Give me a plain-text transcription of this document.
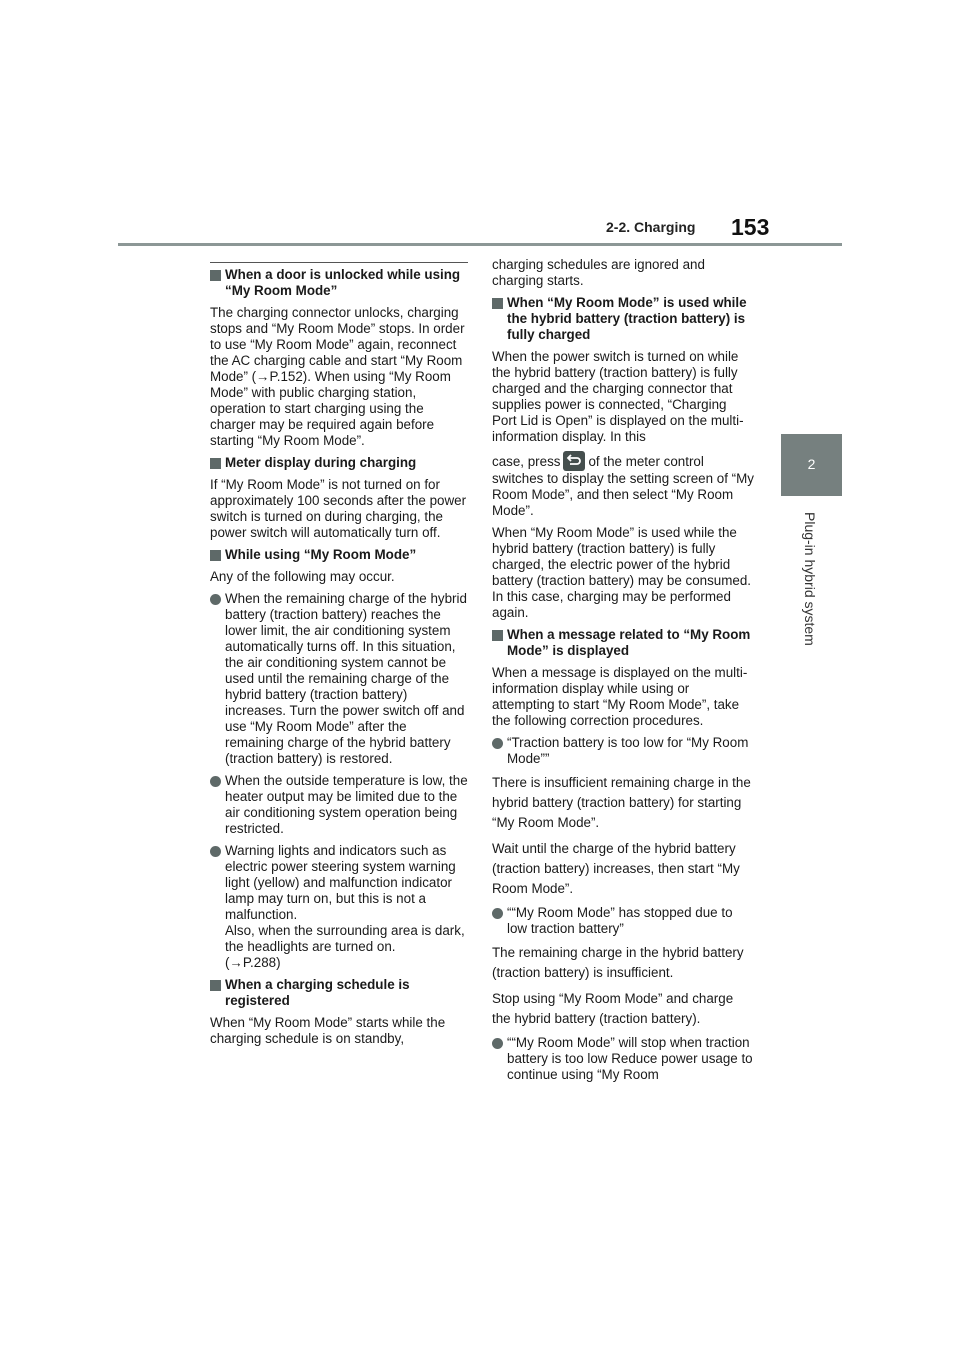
2-2. Charging 153
2
Plug-in hybrid system
When a door is unlocked while using “My Room Mode”

The charging connector unlocks, charging stops and “My Room Mode” stops. In order to use “My Room Mode” again, reconnect the AC charging cable and start “My Room Mode” (→P.152). When using “My Room Mode” with public charging station, operation to start charging using the charger may be required again before starting “My Room Mode”.

Meter display during charging

If “My Room Mode” is not turned on for approximately 100 seconds after the power switch is turned on during charging, the power switch will automatically turn off.

While using “My Room Mode”

Any of the following may occur.

When the remaining charge of the hybrid battery (traction battery) reaches the lower limit, the air conditioning system automatically turns off. In this situation, the air conditioning system cannot be used until the remaining charge of the hybrid battery (traction battery) increases. Turn the power switch off and use “My Room Mode” after the remaining charge of the hybrid battery (traction battery) is restored.
When the outside temperature is low, the heater output may be limited due to the air conditioning system operation being restricted.
Warning lights and indicators such as electric power steering system warning light (yellow) and malfunction indicator lamp may turn on, but this is not a malfunction.
Also, when the surrounding area is dark, the headlights are turned on.
(→P.288)
When a charging schedule is registered

When “My Room Mode” starts while the charging schedule is on standby,

charging schedules are ignored and charging starts.

When “My Room Mode” is used while the hybrid battery (traction battery) is fully charged

When the power switch is turned on while the hybrid battery (traction battery) is fully charged and the charging connector that supplies power is connected, “Charging Port Lid is Open” is displayed on the multi-information display. In this

case, press of the meter control switches to display the setting screen of “My Room Mode”, and then select “My Room Mode”.

When “My Room Mode” is used while the hybrid battery (traction battery) is fully charged, the electric power of the hybrid battery (traction battery) may be consumed. In this case, charging may be performed again.

When a message related to “My Room Mode” is displayed

When a message is displayed on the multi-information display while using or attempting to start “My Room Mode”, take the following correction procedures.

“Traction battery is too low for “My Room Mode””

There is insufficient remaining charge in the hybrid battery (traction battery) for starting “My Room Mode”.

Wait until the charge of the hybrid battery (traction battery) increases, then start “My Room Mode”.

““My Room Mode” has stopped due to low traction battery”

The remaining charge in the hybrid battery (traction battery) is insufficient.

Stop using “My Room Mode” and charge the hybrid battery (traction battery).

““My Room Mode” will stop when traction battery is too low Reduce power usage to continue using “My Room
